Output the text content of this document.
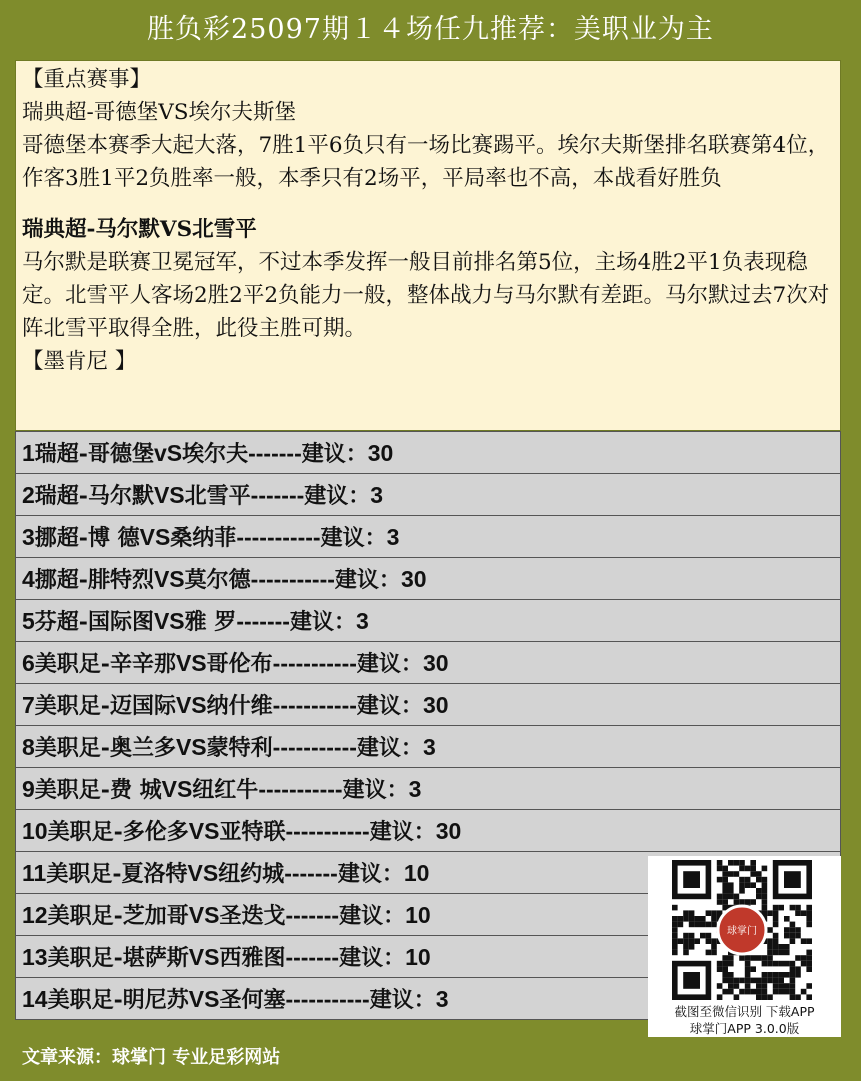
胜负彩25097期１４场任九推荐：美职业为主

【重点赛事】

瑞典超-哥德堡VS埃尔夫斯堡

哥德堡本赛季大起大落，7胜1平6负只有一场比赛踢平。埃尔夫斯堡排名联赛第4位，作客3胜1平2负胜率一般，本季只有2场平，平局率也不高，本战看好胜负

瑞典超-马尔默VS北雪平

马尔默是联赛卫冕冠军，不过本季发挥一般目前排名第5位，主场4胜2平1负表现稳定。北雪平人客场2胜2平2负能力一般，整体战力与马尔默有差距。马尔默过去7次对阵北雪平取得全胜，此役主胜可期。

【墨肯尼 】

1瑞超-哥德堡vS埃尔夫-------建议：30
2瑞超-马尔默VS北雪平-------建议：3
3挪超-博 德VS桑纳菲-----------建议：3
4挪超-腓特烈VS莫尔德-----------建议：30
5芬超-国际图VS雅 罗-------建议：3
6美职足-辛辛那VS哥伦布-----------建议：30
7美职足-迈国际VS纳什维-----------建议：30
8美职足-奥兰多VS蒙特利-----------建议：3
9美职足-费 城VS纽红牛-----------建议：3
10美职足-多伦多VS亚特联-----------建议：30
11美职足-夏洛特VS纽约城-------建议：10
12美职足-芝加哥VS圣迭戈-------建议：10
13美职足-堪萨斯VS西雅图-------建议：10
14美职足-明尼苏VS圣何塞-----------建议：3
球掌门
截图至微信识别 下载APP
球掌门APP 3.0.0版
文章来源：球掌门 专业足彩网站
